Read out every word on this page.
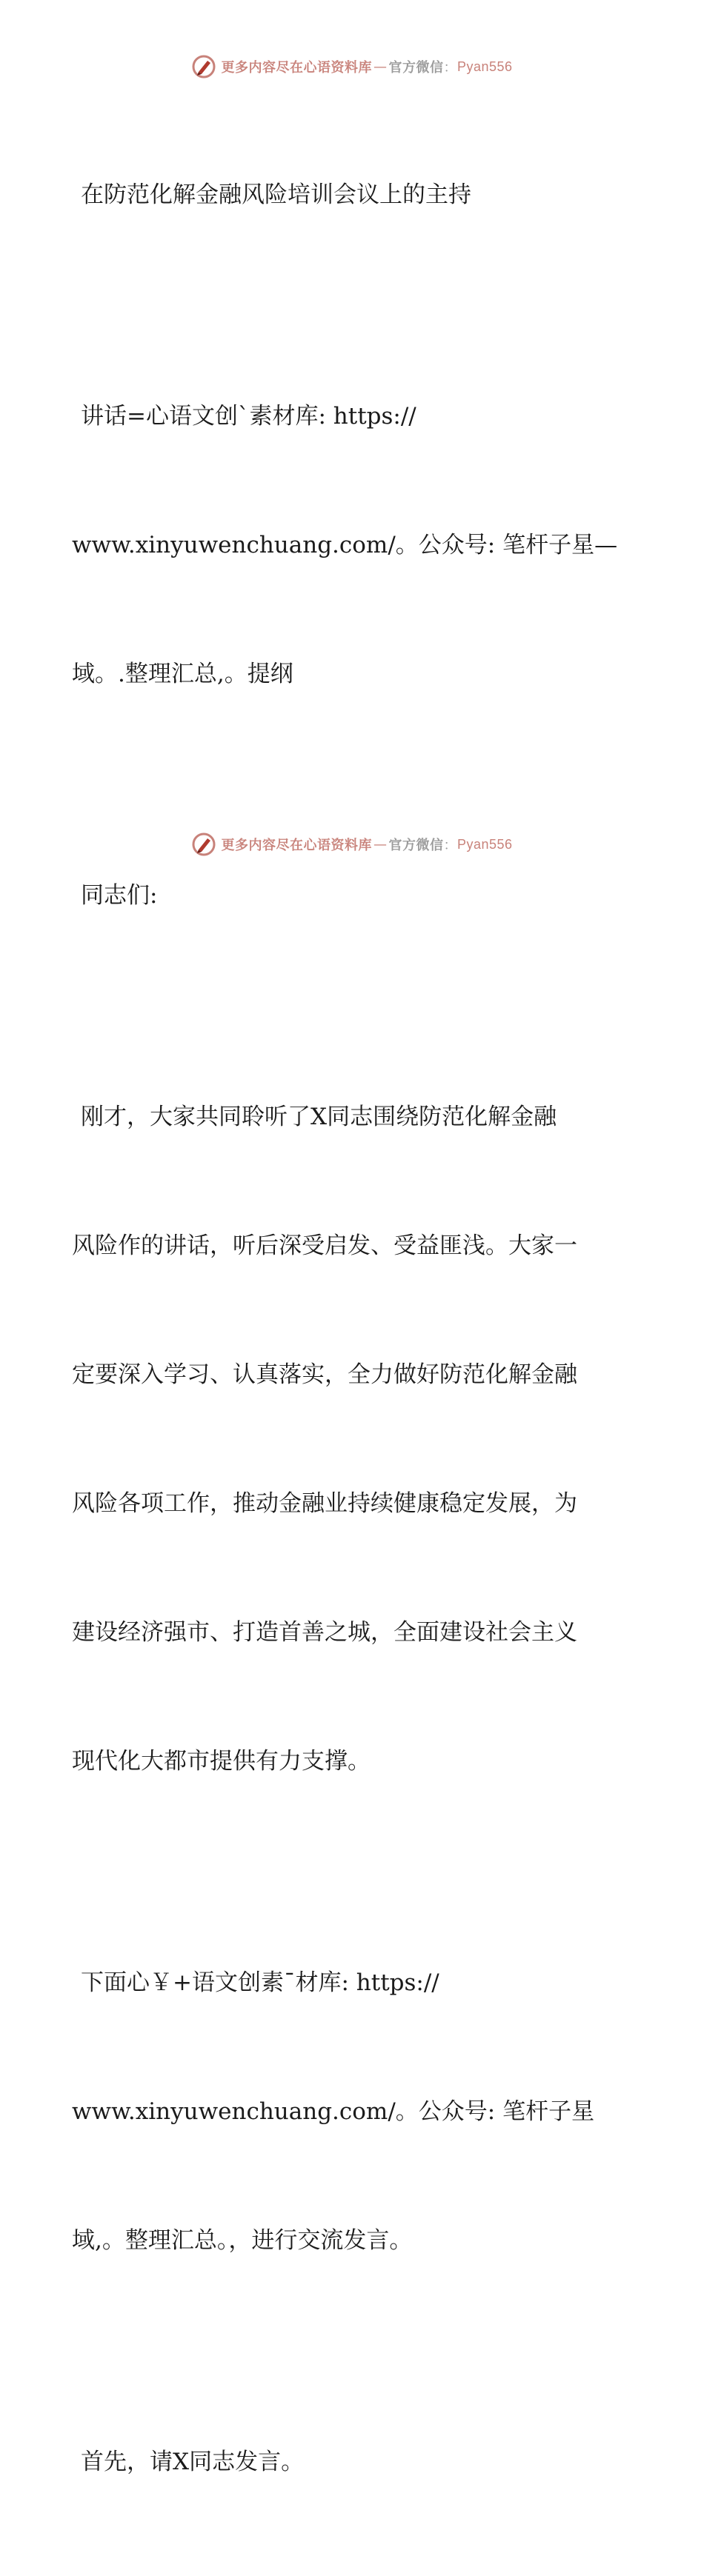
更多内容尽在心语资料库 — 官方微信 ： Pyan556

在防范化解金融风险培训会议上的主持

讲话=心语文创`素材库: https://

www.xinyuwenchuang.com/。公众号: 笔杆子星—

域。.整理汇总,。提纲

同志们:

刚才，大家共同聆听了X同志围绕防范化解金融

风险作的讲话，听后深受启发、受益匪浅。大家一

定要深入学习、认真落实，全力做好防范化解金融

风险各项工作，推动金融业持续健康稳定发展，为

建设经济强市、打造首善之城，全面建设社会主义

现代化大都市提供有力支撑。

下面心￥+语文创素¯材库: https://

www.xinyuwenchuang.com/。公众号: 笔杆子星

域,。整理汇总。，进行交流发言。

首先，请X同志发言。

更多内容尽在心语资料库 — 官方微信 ： Pyan556
